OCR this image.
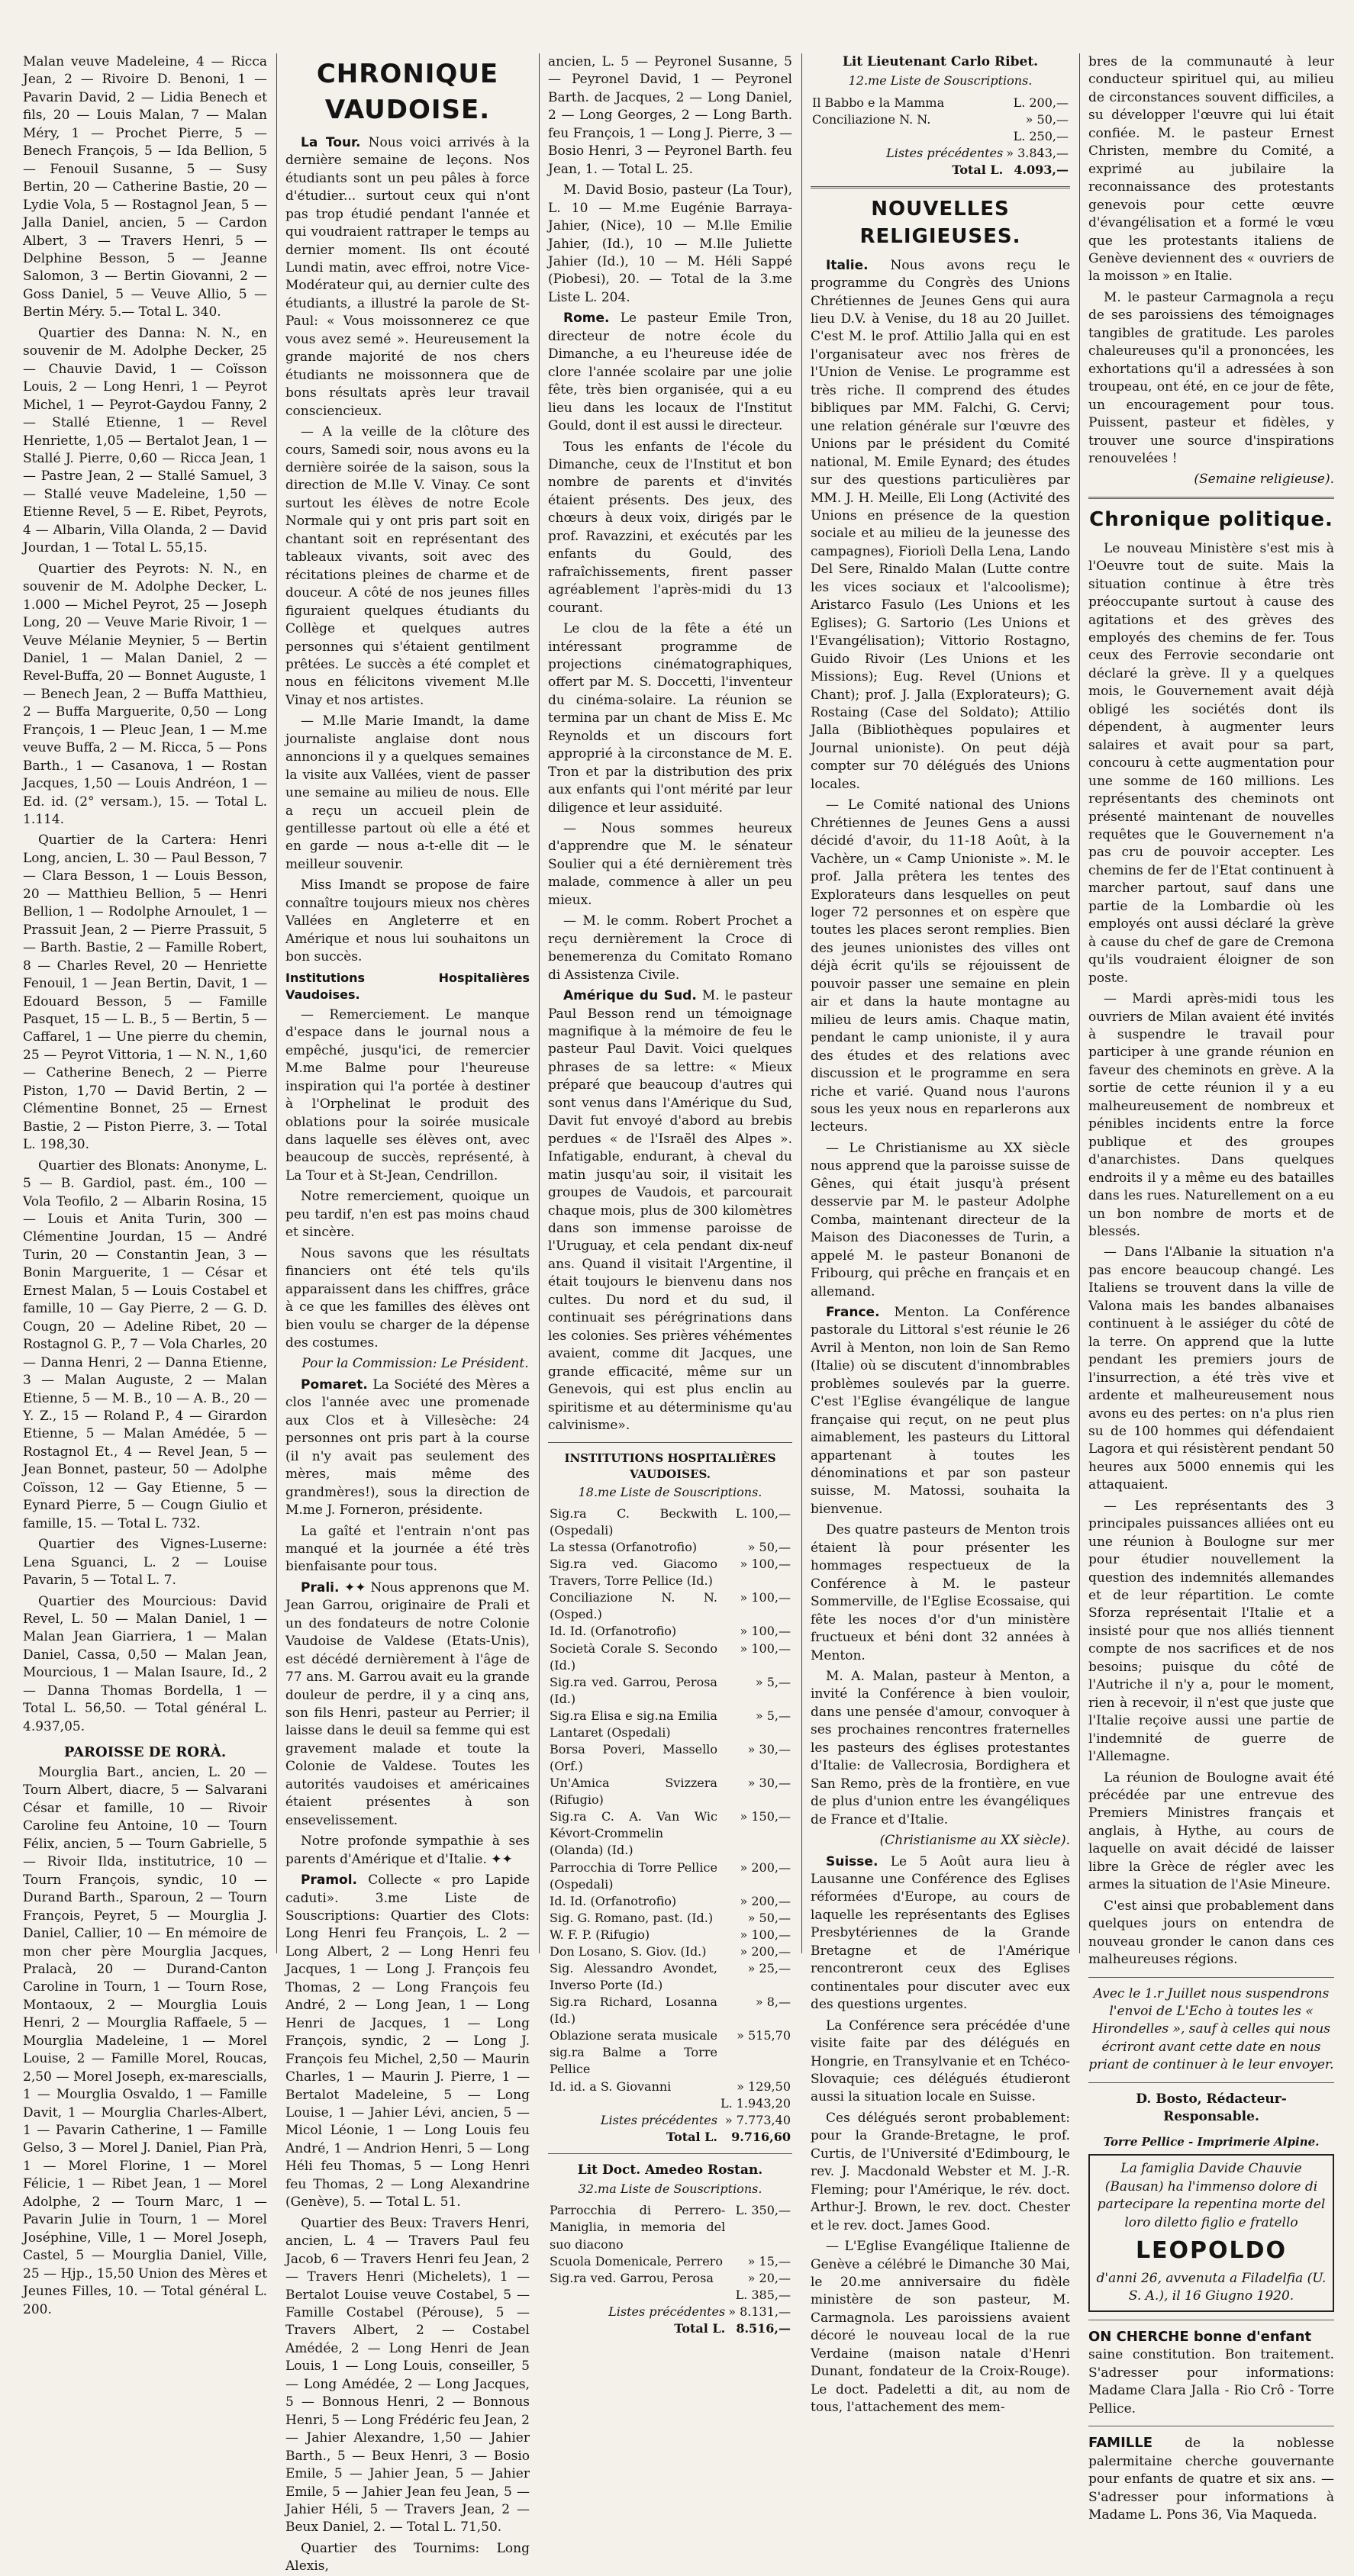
Malan veuve Madeleine, 4 — Ricca Jean, 2 — Rivoire D. Benoni, 1 — Pavarin David, 2 — Lidia Benech et fils, 20 — Louis Malan, 7 — Malan Méry, 1 — Prochet Pierre, 5 — Benech François, 5 — Ida Bellion, 5 — Fenouil Susanne, 5 — Susy Bertin, 20 — Catherine Bastie, 20 — Lydie Vola, 5 — Rostagnol Jean, 5 — Jalla Daniel, ancien, 5 — Cardon Albert, 3 — Travers Henri, 5 — Delphine Besson, 5 — Jeanne Salomon, 3 — Bertin Giovanni, 2 — Goss Daniel, 5 — Veuve Allio, 5 — Bertin Méry. 5.— Total L. 340.

Quartier des Danna: N. N., en souvenir de M. Adolphe Decker, 25 — Chauvie David, 1 — Coïsson Louis, 2 — Long Henri, 1 — Peyrot Michel, 1 — Peyrot-Gaydou Fanny, 2 — Stallé Etienne, 1 — Revel Henriette, 1,05 — Bertalot Jean, 1 — Stallé J. Pierre, 0,60 — Ricca Jean, 1 — Pastre Jean, 2 — Stallé Samuel, 3 — Stallé veuve Madeleine, 1,50 — Etienne Revel, 5 — E. Ribet, Peyrots, 4 — Albarin, Villa Olanda, 2 — David Jourdan, 1 — Total L. 55,15.

Quartier des Peyrots: N. N., en souvenir de M. Adolphe Decker, L. 1.000 — Michel Peyrot, 25 — Joseph Long, 20 — Veuve Marie Rivoir, 1 — Veuve Mélanie Meynier, 5 — Bertin Daniel, 1 — Malan Daniel, 2 — Revel-Buffa, 20 — Bonnet Auguste, 1 — Benech Jean, 2 — Buffa Matthieu, 2 — Buffa Marguerite, 0,50 — Long François, 1 — Pleuc Jean, 1 — M.me veuve Buffa, 2 — M. Ricca, 5 — Pons Barth., 1 — Casanova, 1 — Rostan Jacques, 1,50 — Louis Andréon, 1 — Ed. id. (2° versam.), 15. — Total L. 1.114.

Quartier de la Cartera: Henri Long, ancien, L. 30 — Paul Besson, 7 — Clara Besson, 1 — Louis Besson, 20 — Matthieu Bellion, 5 — Henri Bellion, 1 — Rodolphe Arnoulet, 1 — Prassuit Jean, 2 — Pierre Prassuit, 5 — Barth. Bastie, 2 — Famille Robert, 8 — Charles Revel, 20 — Henriette Fenouil, 1 — Jean Bertin, Davit, 1 — Edouard Besson, 5 — Famille Pasquet, 15 — L. B., 5 — Bertin, 5 — Caffarel, 1 — Une pierre du chemin, 25 — Peyrot Vittoria, 1 — N. N., 1,60 — Catherine Benech, 2 — Pierre Piston, 1,70 — David Bertin, 2 — Clémentine Bonnet, 25 — Ernest Bastie, 2 — Piston Pierre, 3. — Total L. 198,30.

Quartier des Blonats: Anonyme, L. 5 — B. Gardiol, past. ém., 100 — Vola Teofilo, 2 — Albarin Rosina, 15 — Louis et Anita Turin, 300 — Clémentine Jourdan, 15 — André Turin, 20 — Constantin Jean, 3 — Bonin Marguerite, 1 — César et Ernest Malan, 5 — Louis Costabel et famille, 10 — Gay Pierre, 2 — G. D. Cougn, 20 — Adeline Ribet, 20 — Rostagnol G. P., 7 — Vola Charles, 20 — Danna Henri, 2 — Danna Etienne, 3 — Malan Auguste, 2 — Malan Etienne, 5 — M. B., 10 — A. B., 20 — Y. Z., 15 — Roland P., 4 — Girardon Etienne, 5 — Malan Amédée, 5 — Rostagnol Et., 4 — Revel Jean, 5 — Jean Bonnet, pasteur, 50 — Adolphe Coïsson, 12 — Gay Etienne, 5 — Eynard Pierre, 5 — Cougn Giulio et famille, 15. — Total L. 732.

Quartier des Vignes-Luserne: Lena Sguanci, L. 2 — Louise Pavarin, 5 — Total L. 7.

Quartier des Mourcious: David Revel, L. 50 — Malan Daniel, 1 — Malan Jean Giarriera, 1 — Malan Daniel, Cassa, 0,50 — Malan Jean, Mourcious, 1 — Malan Isaure, Id., 2 — Danna Thomas Bordella, 1 — Total L. 56,50. — Total général L. 4.937,05.

PAROISSE DE RORÀ.

Mourglia Bart., ancien, L. 20 — Tourn Albert, diacre, 5 — Salvarani César et famille, 10 — Rivoir Caroline feu Antoine, 10 — Tourn Félix, ancien, 5 — Tourn Gabrielle, 5 — Rivoir Ilda, institutrice, 10 — Tourn François, syndic, 10 — Durand Barth., Sparoun, 2 — Tourn François, Peyret, 5 — Mourglia J. Daniel, Callier, 10 — En mémoire de mon cher père Mourglia Jacques, Pralacà, 20 — Durand-Canton Caroline in Tourn, 1 — Tourn Rose, Montaoux, 2 — Mourglia Louis Henri, 2 — Mourglia Raffaele, 5 — Mourglia Madeleine, 1 — Morel Louise, 2 — Famille Morel, Roucas, 2,50 — Morel Joseph, ex-marescialls, 1 — Mourglia Osvaldo, 1 — Famille Davit, 1 — Mourglia Charles-Albert, 1 — Pavarin Catherine, 1 — Famille Gelso, 3 — Morel J. Daniel, Pian Prà, 1 — Morel Florine, 1 — Morel Félicie, 1 — Ribet Jean, 1 — Morel Adolphe, 2 — Tourn Marc, 1 — Pavarin Julie in Tourn, 1 — Morel Joséphine, Ville, 1 — Morel Joseph, Castel, 5 — Mourglia Daniel, Ville, 25 — Hjp., 15,50 Union des Mères et Jeunes Filles, 10. — Total général L. 200.

CHRONIQUE VAUDOISE.

La Tour. Nous voici arrivés à la dernière semaine de leçons. Nos étudiants sont un peu pâles à force d'étudier... surtout ceux qui n'ont pas trop étudié pendant l'année et qui voudraient rattraper le temps au dernier moment. Ils ont écouté Lundi matin, avec effroi, notre Vice-Modérateur qui, au dernier culte des étudiants, a illustré la parole de St-Paul: « Vous moissonnerez ce que vous avez semé ». Heureusement la grande majorité de nos chers étudiants ne moissonnera que de bons résultats après leur travail consciencieux.

— A la veille de la clôture des cours, Samedi soir, nous avons eu la dernière soirée de la saison, sous la direction de M.lle V. Vinay. Ce sont surtout les élèves de notre Ecole Normale qui y ont pris part soit en chantant soit en représentant des tableaux vivants, soit avec des récitations pleines de charme et de douceur. A côté de nos jeunes filles figuraient quelques étudiants du Collège et quelques autres personnes qui s'étaient gentilment prêtées. Le succès a été complet et nous en félicitons vivement M.lle Vinay et nos artistes.

— M.lle Marie Imandt, la dame journaliste anglaise dont nous annoncions il y a quelques semaines la visite aux Vallées, vient de passer une semaine au milieu de nous. Elle a reçu un accueil plein de gentillesse partout où elle a été et en garde — nous a-t-elle dit — le meilleur souvenir.

Miss Imandt se propose de faire connaître toujours mieux nos chères Vallées en Angleterre et en Amérique et nous lui souhaitons un bon succès.

Institutions Hospitalières Vaudoises.

— Remerciement. Le manque d'espace dans le journal nous a empêché, jusqu'ici, de remercier M.me Balme pour l'heureuse inspiration qui l'a portée à destiner à l'Orphelinat le produit des oblations pour la soirée musicale dans laquelle ses élèves ont, avec beaucoup de succès, représenté, à La Tour et à St-Jean, Cendrillon.

Notre remerciement, quoique un peu tardif, n'en est pas moins chaud et sincère.

Nous savons que les résultats financiers ont été tels qu'ils apparaissent dans les chiffres, grâce à ce que les familles des élèves ont bien voulu se charger de la dépense des costumes.

Pour la Commission: Le Président.

Pomaret. La Société des Mères a clos l'année avec une promenade aux Clos et à Villesèche: 24 personnes ont pris part à la course (il n'y avait pas seulement des mères, mais même des grandmères!), sous la direction de M.me J. Forneron, présidente.

La gaîté et l'entrain n'ont pas manqué et la journée a été très bienfaisante pour tous.

Prali. ✦✦ Nous apprenons que M. Jean Garrou, originaire de Prali et un des fondateurs de notre Colonie Vaudoise de Valdese (Etats-Unis), est décédé dernièrement à l'âge de 77 ans. M. Garrou avait eu la grande douleur de perdre, il y a cinq ans, son fils Henri, pasteur au Perrier; il laisse dans le deuil sa femme qui est gravement malade et toute la Colonie de Valdese. Toutes les autorités vaudoises et américaines étaient présentes à son ensevelissement.

Notre profonde sympathie à ses parents d'Amérique et d'Italie. ✦✦

Pramol. Collecte « pro Lapide caduti». 3.me Liste de Souscriptions: Quartier des Clots: Long Henri feu François, L. 2 — Long Albert, 2 — Long Henri feu Jacques, 1 — Long J. François feu Thomas, 2 — Long François feu André, 2 — Long Jean, 1 — Long Henri de Jacques, 1 — Long François, syndic, 2 — Long J. François feu Michel, 2,50 — Maurin Charles, 1 — Maurin J. Pierre, 1 — Bertalot Madeleine, 5 — Long Louise, 1 — Jahier Lévi, ancien, 5 — Micol Léonie, 1 — Long Louis feu André, 1 — Andrion Henri, 5 — Long Héli feu Thomas, 5 — Long Henri feu Thomas, 2 — Long Alexandrine (Genève), 5. — Total L. 51.

Quartier des Beux: Travers Henri, ancien, L. 4 — Travers Paul feu Jacob, 6 — Travers Henri feu Jean, 2 — Travers Henri (Michelets), 1 — Bertalot Louise veuve Costabel, 5 — Famille Costabel (Pérouse), 5 — Travers Albert, 2 — Costabel Amédée, 2 — Long Henri de Jean Louis, 1 — Long Louis, conseiller, 5 — Long Amédée, 2 — Long Jacques, 5 — Bonnous Henri, 2 — Bonnous Henri, 5 — Long Frédéric feu Jean, 2 — Jahier Alexandre, 1,50 — Jahier Barth., 5 — Beux Henri, 3 — Bosio Emile, 5 — Jahier Jean, 5 — Jahier Emile, 5 — Jahier Jean feu Jean, 5 — Jahier Héli, 5 — Travers Jean, 2 — Beux Daniel, 2. — Total L. 71,50.

Quartier des Tournims: Long Alexis,

ancien, L. 5 — Peyronel Susanne, 5 — Peyronel David, 1 — Peyronel Barth. de Jacques, 2 — Long Daniel, 2 — Long Georges, 2 — Long Barth. feu François, 1 — Long J. Pierre, 3 — Bosio Henri, 3 — Peyronel Barth. feu Jean, 1. — Total L. 25.

M. David Bosio, pasteur (La Tour), L. 10 — M.me Eugénie Barraya-Jahier, (Nice), 10 — M.lle Emilie Jahier, (Id.), 10 — M.lle Juliette Jahier (Id.), 10 — M. Héli Sappé (Piobesi), 20. — Total de la 3.me Liste L. 204.

Rome. Le pasteur Emile Tron, directeur de notre école du Dimanche, a eu l'heureuse idée de clore l'année scolaire par une jolie fête, très bien organisée, qui a eu lieu dans les locaux de l'Institut Gould, dont il est aussi le directeur.

Tous les enfants de l'école du Dimanche, ceux de l'Institut et bon nombre de parents et d'invités étaient présents. Des jeux, des chœurs à deux voix, dirigés par le prof. Ravazzini, et exécutés par les enfants du Gould, des rafraîchissements, firent passer agréablement l'après-midi du 13 courant.

Le clou de la fête a été un intéressant programme de projections cinématographiques, offert par M. S. Doccetti, l'inventeur du cinéma-solaire. La réunion se termina par un chant de Miss E. Mc Reynolds et un discours fort approprié à la circonstance de M. E. Tron et par la distribution des prix aux enfants qui l'ont mérité par leur diligence et leur assiduité.

— Nous sommes heureux d'apprendre que M. le sénateur Soulier qui a été dernièrement très malade, commence à aller un peu mieux.

— M. le comm. Robert Prochet a reçu dernièrement la Croce di benemerenza du Comitato Romano di Assistenza Civile.

Amérique du Sud. M. le pasteur Paul Besson rend un témoignage magnifique à la mémoire de feu le pasteur Paul Davit. Voici quelques phrases de sa lettre: « Mieux préparé que beaucoup d'autres qui sont venus dans l'Amérique du Sud, Davit fut envoyé d'abord au brebis perdues « de l'Israël des Alpes ». Infatigable, endurant, à cheval du matin jusqu'au soir, il visitait les groupes de Vaudois, et parcourait chaque mois, plus de 300 kilomètres dans son immense paroisse de l'Uruguay, et cela pendant dix-neuf ans. Quand il visitait l'Argentine, il était toujours le bienvenu dans nos cultes. Du nord et du sud, il continuait ses pérégrinations dans les colonies. Ses prières véhémentes avaient, comme dit Jacques, une grande efficacité, même sur un Genevois, qui est plus enclin au spiritisme et au déterminisme qu'au calvinisme».

INSTITUTIONS HOSPITALIÈRES VAUDOISES.
18.me Liste de Souscriptions.
Sig.ra C. Beckwith (Ospedali)	L. 100,—
La stessa (Orfanotrofio)	» 50,—
Sig.ra ved. Giacomo Travers, Torre Pellice (Id.)	» 100,—
Conciliazione N. N. (Osped.)	» 100,—
Id. Id. (Orfanotrofio)	» 100,—
Società Corale S. Secondo (Id.)	» 100,—
Sig.ra ved. Garrou, Perosa (Id.)	» 5,—
Sig.ra Elisa e sig.na Emilia Lantaret (Ospedali)	» 5,—
Borsa Poveri, Massello (Orf.)	» 30,—
Un'Amica Svizzera (Rifugio)	» 30,—
Sig.ra C. A. Van Wic Kévort-Crommelin (Olanda) (Id.)	» 150,—
Parrocchia di Torre Pellice (Ospedali)	» 200,—
Id. Id. (Orfanotrofio)	» 200,—
Sig. G. Romano, past. (Id.)	» 50,—
W. F. P. (Rifugio)	» 100,—
Don Losano, S. Giov. (Id.)	» 200,—
Sig. Alessandro Avondet, Inverso Porte (Id.)	» 25,—
Sig.ra Richard, Losanna (Id.)	» 8,—
Oblazione serata musicale sig.ra Balme a Torre Pellice	» 515,70
Id. id. a S. Giovanni	» 129,50
	L. 1.943,20
Listes précédentes	» 7.773,40
Total L.	9.716,60
Lit Doct. Amedeo Rostan.
32.ma Liste de Souscriptions.
Parrocchia di Perrero-Maniglia, in memoria del suo diacono	L. 350,—
Scuola Domenicale, Perrero	» 15,—
Sig.ra ved. Garrou, Perosa	» 20,—
	L. 385,—
Listes précédentes	» 8.131,—
Total L.	8.516,—
Lit Lieutenant Carlo Ribet.
12.me Liste de Souscriptions.
Il Babbo e la Mamma	L. 200,—
Conciliazione N. N.	» 50,—
	L. 250,—
Listes précédentes	» 3.843,—
Total L.	4.093,—
NOUVELLES RELIGIEUSES.

Italie. Nous avons reçu le programme du Congrès des Unions Chrétiennes de Jeunes Gens qui aura lieu D.V. à Venise, du 18 au 20 Juillet. C'est M. le prof. Attilio Jalla qui en est l'organisateur avec nos frères de l'Union de Venise. Le programme est très riche. Il comprend des études bibliques par MM. Falchi, G. Cervi; une relation générale sur l'œuvre des Unions par le président du Comité national, M. Emile Eynard; des études sur des questions particulières par MM. J. H. Meille, Eli Long (Activité des Unions en présence de la question sociale et au milieu de la jeunesse des campagnes), Fioriolì Della Lena, Lando Del Sere, Rinaldo Malan (Lutte contre les vices sociaux et l'alcoolisme); Aristarco Fasulo (Les Unions et les Eglises); G. Sartorio (Les Unions et l'Evangélisation); Vittorio Rostagno, Guido Rivoir (Les Unions et les Missions); Eug. Revel (Unions et Chant); prof. J. Jalla (Explorateurs); G. Rostaing (Case del Soldato); Attilio Jalla (Bibliothèques populaires et Journal unioniste). On peut déjà compter sur 70 délégués des Unions locales.

— Le Comité national des Unions Chrétiennes de Jeunes Gens a aussi décidé d'avoir, du 11-18 Août, à la Vachère, un « Camp Unioniste ». M. le prof. Jalla prêtera les tentes des Explorateurs dans lesquelles on peut loger 72 personnes et on espère que toutes les places seront remplies. Bien des jeunes unionistes des villes ont déjà écrit qu'ils se réjouissent de pouvoir passer une semaine en plein air et dans la haute montagne au milieu de leurs amis. Chaque matin, pendant le camp unioniste, il y aura des études et des relations avec discussion et le programme en sera riche et varié. Quand nous l'aurons sous les yeux nous en reparlerons aux lecteurs.

— Le Christianisme au XX siècle nous apprend que la paroisse suisse de Gênes, qui était jusqu'à présent desservie par M. le pasteur Adolphe Comba, maintenant directeur de la Maison des Diaconesses de Turin, a appelé M. le pasteur Bonanoni de Fribourg, qui prêche en français et en allemand.

France. Menton. La Conférence pastorale du Littoral s'est réunie le 26 Avril à Menton, non loin de San Remo (Italie) où se discutent d'innombrables problèmes soulevés par la guerre. C'est l'Eglise évangélique de langue française qui reçut, on ne peut plus aimablement, les pasteurs du Littoral appartenant à toutes les dénominations et par son pasteur suisse, M. Matossi, souhaita la bienvenue.

Des quatre pasteurs de Menton trois étaient là pour présenter les hommages respectueux de la Conférence à M. le pasteur Sommerville, de l'Eglise Ecossaise, qui fête les noces d'or d'un ministère fructueux et béni dont 32 années à Menton.

M. A. Malan, pasteur à Menton, a invité la Conférence à bien vouloir, dans une pensée d'amour, convoquer à ses prochaines rencontres fraternelles les pasteurs des églises protestantes d'Italie: de Vallecrosia, Bordighera et San Remo, près de la frontière, en vue de plus d'union entre les évangéliques de France et d'Italie.

(Christianisme au XX siècle).

Suisse. Le 5 Août aura lieu à Lausanne une Conférence des Eglises réformées d'Europe, au cours de laquelle les représentants des Eglises Presbytériennes de la Grande Bretagne et de l'Amérique rencontreront ceux des Eglises continentales pour discuter avec eux des questions urgentes.

La Conférence sera précédée d'une visite faite par des délégués en Hongrie, en Transylvanie et en Tchéco-Slovaquie; ces délégués étudieront aussi la situation locale en Suisse.

Ces délégués seront probablement: pour la Grande-Bretagne, le prof. Curtis, de l'Université d'Edimbourg, le rev. J. Macdonald Webster et M. J.-R. Fleming; pour l'Amérique, le rév. doct. Arthur-J. Brown, le rev. doct. Chester et le rev. doct. James Good.

— L'Eglise Evangélique Italienne de Genève a célébré le Dimanche 30 Mai, le 20.me anniversaire du fidèle ministère de son pasteur, M. Carmagnola. Les paroissiens avaient décoré le nouveau local de la rue Verdaine (maison natale d'Henri Dunant, fondateur de la Croix-Rouge). Le doct. Padeletti a dit, au nom de tous, l'attachement des mem-

bres de la communauté à leur conducteur spirituel qui, au milieu de circonstances souvent difficiles, a su développer l'œuvre qui lui était confiée. M. le pasteur Ernest Christen, membre du Comité, a exprimé au jubilaire la reconnaissance des protestants genevois pour cette œuvre d'évangélisation et a formé le vœu que les protestants italiens de Genève deviennent des « ouvriers de la moisson » en Italie.

M. le pasteur Carmagnola a reçu de ses paroissiens des témoignages tangibles de gratitude. Les paroles chaleureuses qu'il a prononcées, les exhortations qu'il a adressées à son troupeau, ont été, en ce jour de fête, un encouragement pour tous. Puissent, pasteur et fidèles, y trouver une source d'inspirations renouvelées !

(Semaine religieuse).

Chronique politique.

Le nouveau Ministère s'est mis à l'Oeuvre tout de suite. Mais la situation continue à être très préoccupante surtout à cause des agitations et des grèves des employés des chemins de fer. Tous ceux des Ferrovie secondarie ont déclaré la grève. Il y a quelques mois, le Gouvernement avait déjà obligé les sociétés dont ils dépendent, à augmenter leurs salaires et avait pour sa part, concouru à cette augmentation pour une somme de 160 millions. Les représentants des cheminots ont présenté maintenant de nouvelles requêtes que le Gouvernement n'a pas cru de pouvoir accepter. Les chemins de fer de l'Etat continuent à marcher partout, sauf dans une partie de la Lombardie où les employés ont aussi déclaré la grève à cause du chef de gare de Cremona qu'ils voudraient éloigner de son poste.

— Mardi après-midi tous les ouvriers de Milan avaient été invités à suspendre le travail pour participer à une grande réunion en faveur des cheminots en grève. A la sortie de cette réunion il y a eu malheureusement de nombreux et pénibles incidents entre la force publique et des groupes d'anarchistes. Dans quelques endroits il y a même eu des batailles dans les rues. Naturellement on a eu un bon nombre de morts et de blessés.

— Dans l'Albanie la situation n'a pas encore beaucoup changé. Les Italiens se trouvent dans la ville de Valona mais les bandes albanaises continuent à le assiéger du côté de la terre. On apprend que la lutte pendant les premiers jours de l'insurrection, a été très vive et ardente et malheureusement nous avons eu des pertes: on n'a plus rien su de 100 hommes qui défendaient Lagora et qui résistèrent pendant 50 heures aux 5000 ennemis qui les attaquaient.

— Les représentants des 3 principales puissances alliées ont eu une réunion à Boulogne sur mer pour étudier nouvellement la question des indemnités allemandes et de leur répartition. Le comte Sforza représentait l'Italie et a insisté pour que nos alliés tiennent compte de nos sacrifices et de nos besoins; puisque du côté de l'Autriche il n'y a, pour le moment, rien à recevoir, il n'est que juste que l'Italie reçoive aussi une partie de l'indemnité de guerre de l'Allemagne.

La réunion de Boulogne avait été précédée par une entrevue des Premiers Ministres français et anglais, à Hythe, au cours de laquelle on avait décidé de laisser libre la Grèce de régler avec les armes la situation de l'Asie Mineure.

C'est ainsi que probablement dans quelques jours on entendra de nouveau gronder le canon dans ces malheureuses régions.

Avec le 1.r Juillet nous suspendrons l'envoi de L'Echo à toutes les « Hirondelles », sauf à celles qui nous écriront avant cette date en nous priant de continuer à le leur envoyer.
D. Bosto, Rédacteur-Responsable.
Torre Pellice - Imprimerie Alpine.
La famiglia Davide Chauvie (Bausan) ha l'immenso dolore di partecipare la repentina morte del loro diletto figlio e fratello
LEOPOLDO
d'anni 26, avvenuta a Filadelfia (U. S. A.), il 16 Giugno 1920.
ON CHERCHE bonne d'enfant

saine constitution. Bon traitement. S'adresser pour informations: Madame Clara Jalla - Rio Crô - Torre Pellice.

FAMILLE de la noblesse palermitaine cherche gouvernante pour enfants de quatre et six ans. — S'adresser pour informations à Madame L. Pons 36, Via Maqueda.
